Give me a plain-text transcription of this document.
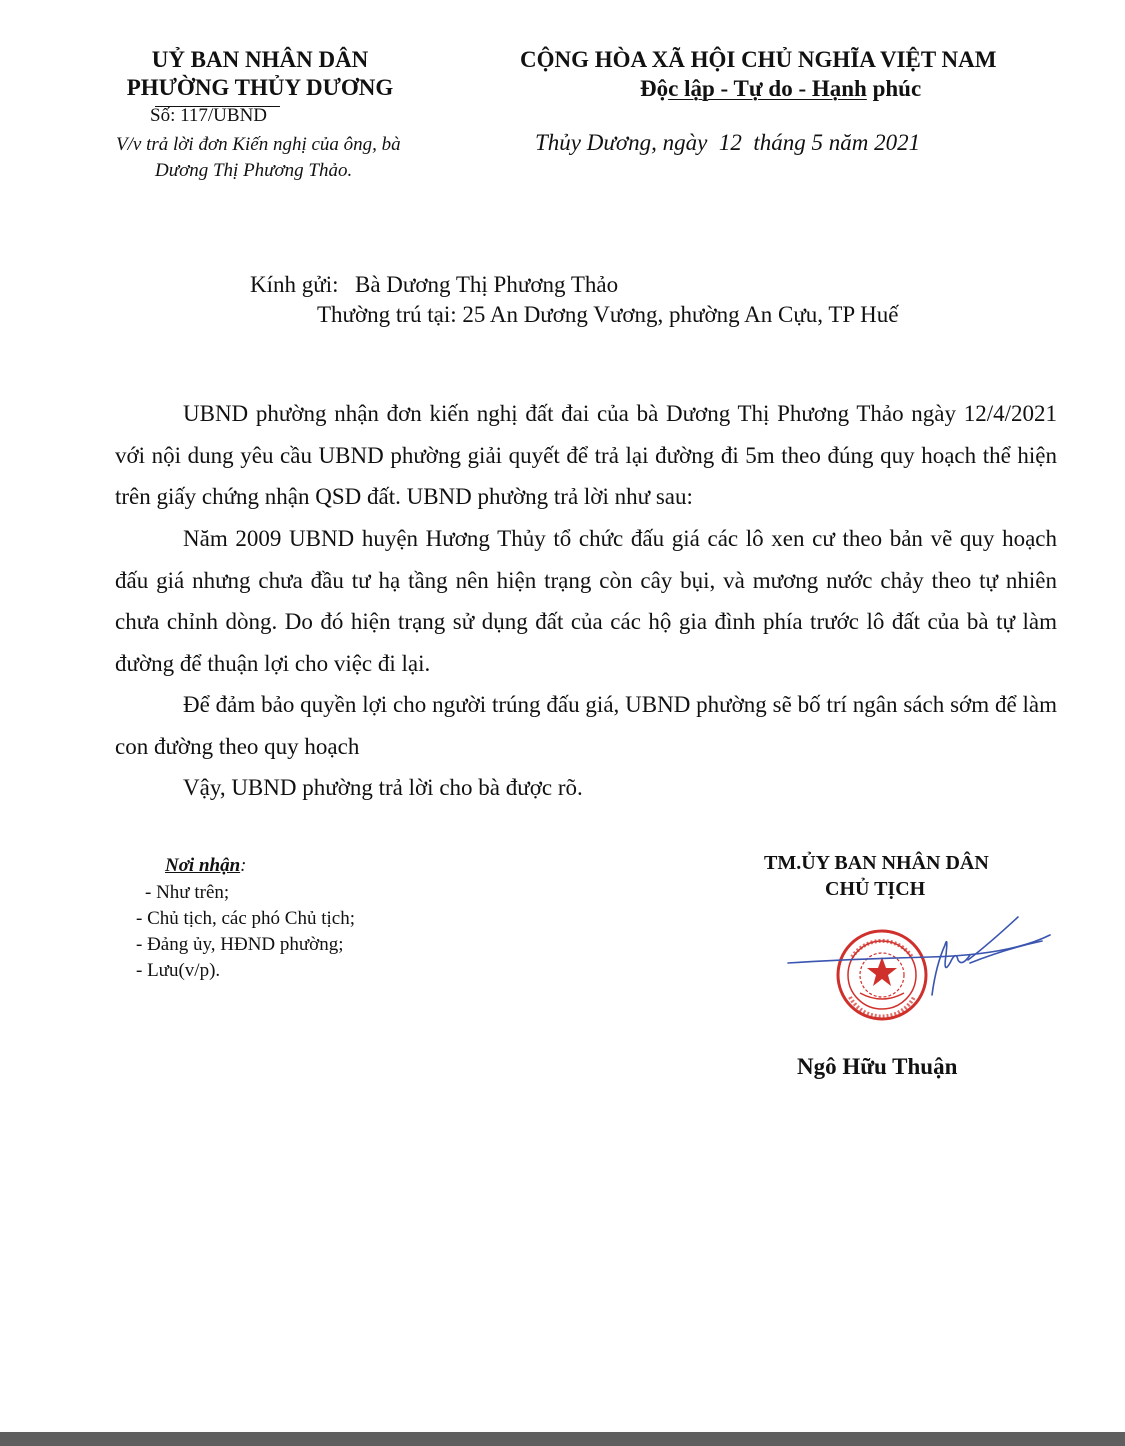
UỶ BAN NHÂN DÂN
PHƯỜNG THỦY DƯƠNG
Số: 117/UBND
V/v trả lời đơn Kiến nghị của ông, bà
Dương Thị Phương Thảo.
CỘNG HÒA XÃ HỘI CHỦ NGHĨA VIỆT NAM
Độc lập - Tự do - Hạnh phúc
Thủy Dương, ngày  12  tháng 5 năm 2021
Kính gửi: Bà Dương Thị Phương Thảo
Thường trú tại: 25 An Dương Vương, phường An Cựu, TP Huế
UBND phường nhận đơn kiến nghị đất đai của bà Dương Thị Phương Thảo ngày 12/4/2021 với nội dung yêu cầu UBND phường giải quyết để trả lại đường đi 5m theo đúng quy hoạch thể hiện trên giấy chứng nhận QSD đất. UBND phường trả lời như sau:
Năm 2009 UBND huyện Hương Thủy tổ chức đấu giá các lô xen cư theo bản vẽ quy hoạch đấu giá nhưng chưa đầu tư hạ tầng nên hiện trạng còn cây bụi, và mương nước chảy theo tự nhiên chưa chỉnh dòng. Do đó hiện trạng sử dụng đất của các hộ gia đình phía trước lô đất của bà tự làm đường để thuận lợi cho việc đi lại.
Để đảm bảo quyền lợi cho người trúng đấu giá, UBND phường sẽ bố trí ngân sách sớm để làm con đường theo quy hoạch
Vậy, UBND phường trả lời cho bà được rõ.
Nơi nhận:
- Như trên;
- Chủ tịch, các phó Chủ tịch;
- Đảng ủy, HĐND phường;
- Lưu(v/p).
TM.ỦY BAN NHÂN DÂN
CHỦ TỊCH
Ngô Hữu Thuận
